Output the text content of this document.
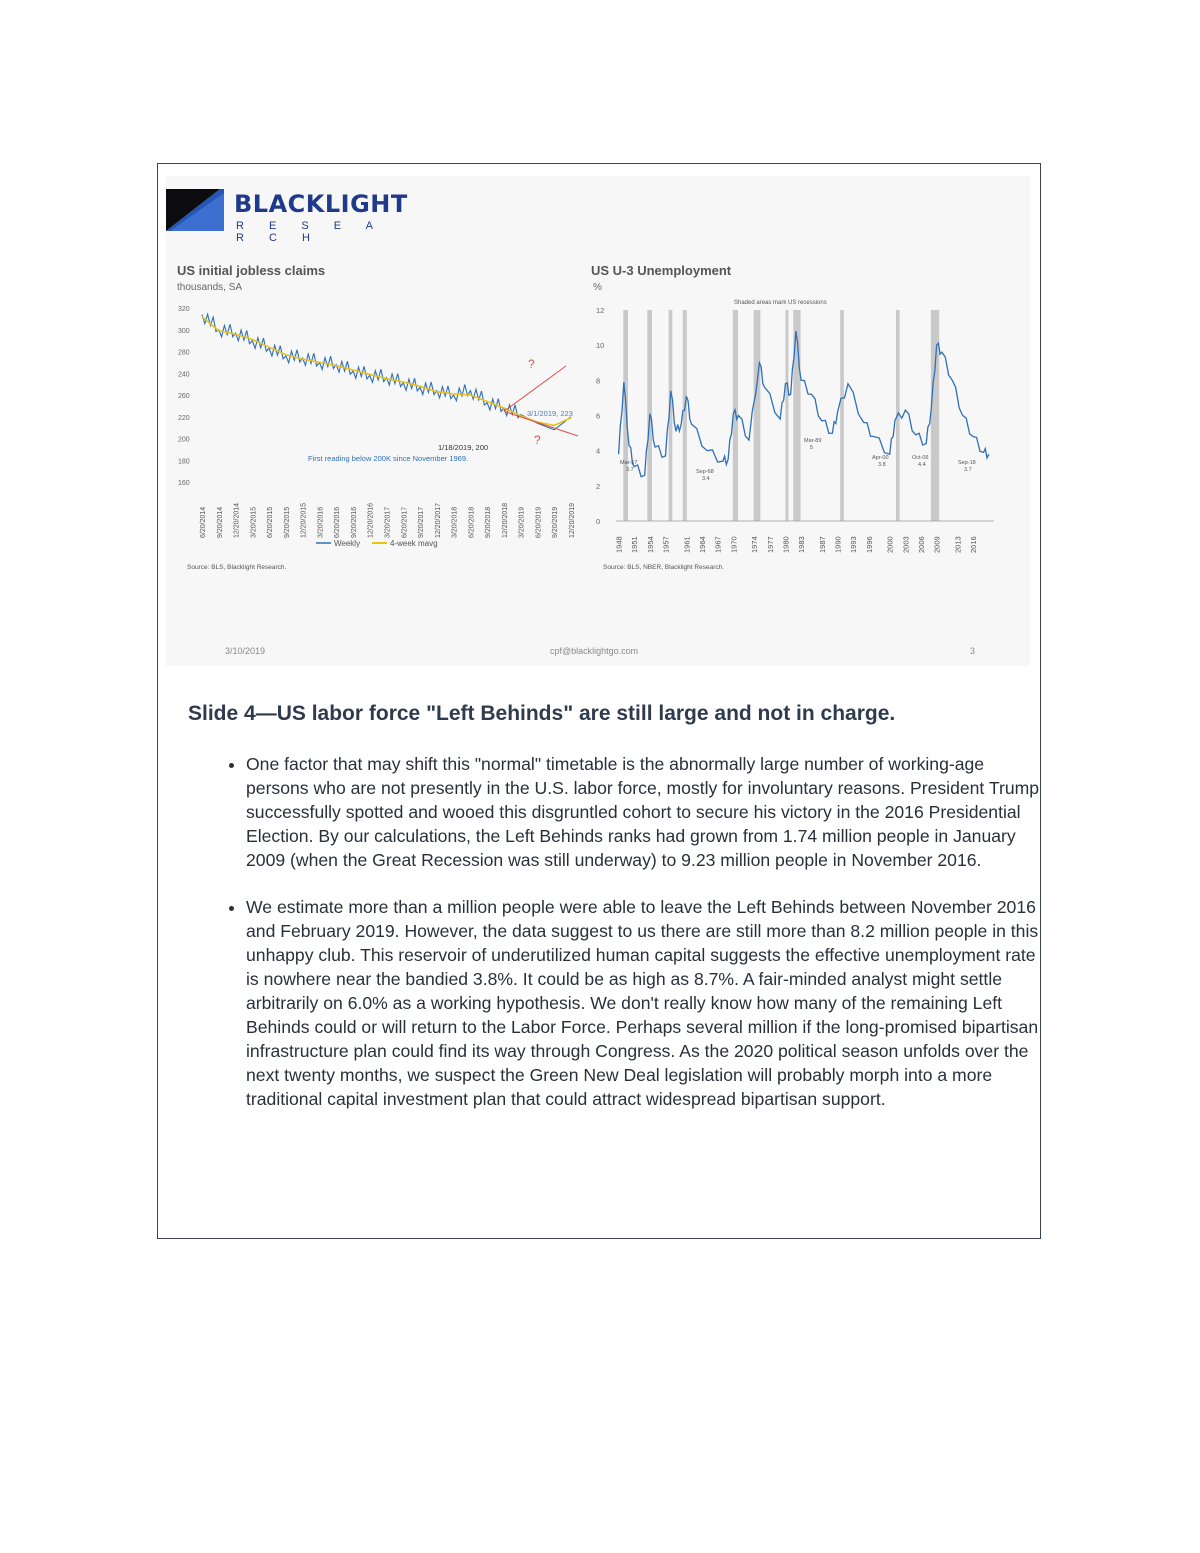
BLACKLIGHT
R E S E A R C H
US initial jobless claims
thousands, SA
US U-3 Unemployment
%
160
180
200
220
260
240
280
300
320
6/20/2014 9/20/2014 12/20/2014 3/20/2015 6/20/2015 9/20/2015 12/20/2015 3/20/2016 6/20/2016 9/20/2016 12/20/2016 3/20/2017 6/20/2017 9/20/2017 12/20/2017 3/20/2018 6/20/2018 9/20/2018 12/20/2018 3/20/2019 6/20/2019 9/20/2019 12/20/2019
?
?
3/1/2019, 223
1/18/2019, 200
First reading below 200K since November 1969.
Weekly	4-week mavg
0
2
4
6
8
10
12
1948 1951 1954 1957 1961 1964 1967 1970 1974 1977 1980 1983 1987 1990 1993 1996 2000 2003 2006 2009 2013 2016
Shaded areas mark US recessions
Mar-57
3.7	Sep-68
3.4
Mar-89
5
Apr-00
3.8
Oct-06
4.4	Sep-18
3.7
Source: BLS, Blacklight Research.	Source: BLS, NBER, Blacklight Research.
3/10/2019	cpf@blacklightgo.com	3
Slide 4—US labor force "Left Behinds" are still large and not in charge.
• One factor that may shift this "normal" timetable is the abnormally large number of working-age persons who are not presently in the U.S. labor force, mostly for involuntary reasons. President Trump successfully spotted and wooed this disgruntled cohort to secure his victory in the 2016 Presidential Election. By our calculations, the Left Behinds ranks had grown from 1.74 million people in January 2009 (when the Great Recession was still underway) to 9.23 million people in November 2016.
• We estimate more than a million people were able to leave the Left Behinds between November 2016 and February 2019. However, the data suggest to us there are still more than 8.2 million people in this unhappy club. This reservoir of underutilized human capital suggests the effective unemployment rate is nowhere near the bandied 3.8%. It could be as high as 8.7%. A fair-minded analyst might settle arbitrarily on 6.0% as a working hypothesis. We don't really know how many of the remaining Left Behinds could or will return to the Labor Force. Perhaps several million if the long-promised bipartisan infrastructure plan could find its way through Congress. As the 2020 political season unfolds over the next twenty months, we suspect the Green New Deal legislation will probably morph into a more traditional capital investment plan that could attract widespread bipartisan support.
